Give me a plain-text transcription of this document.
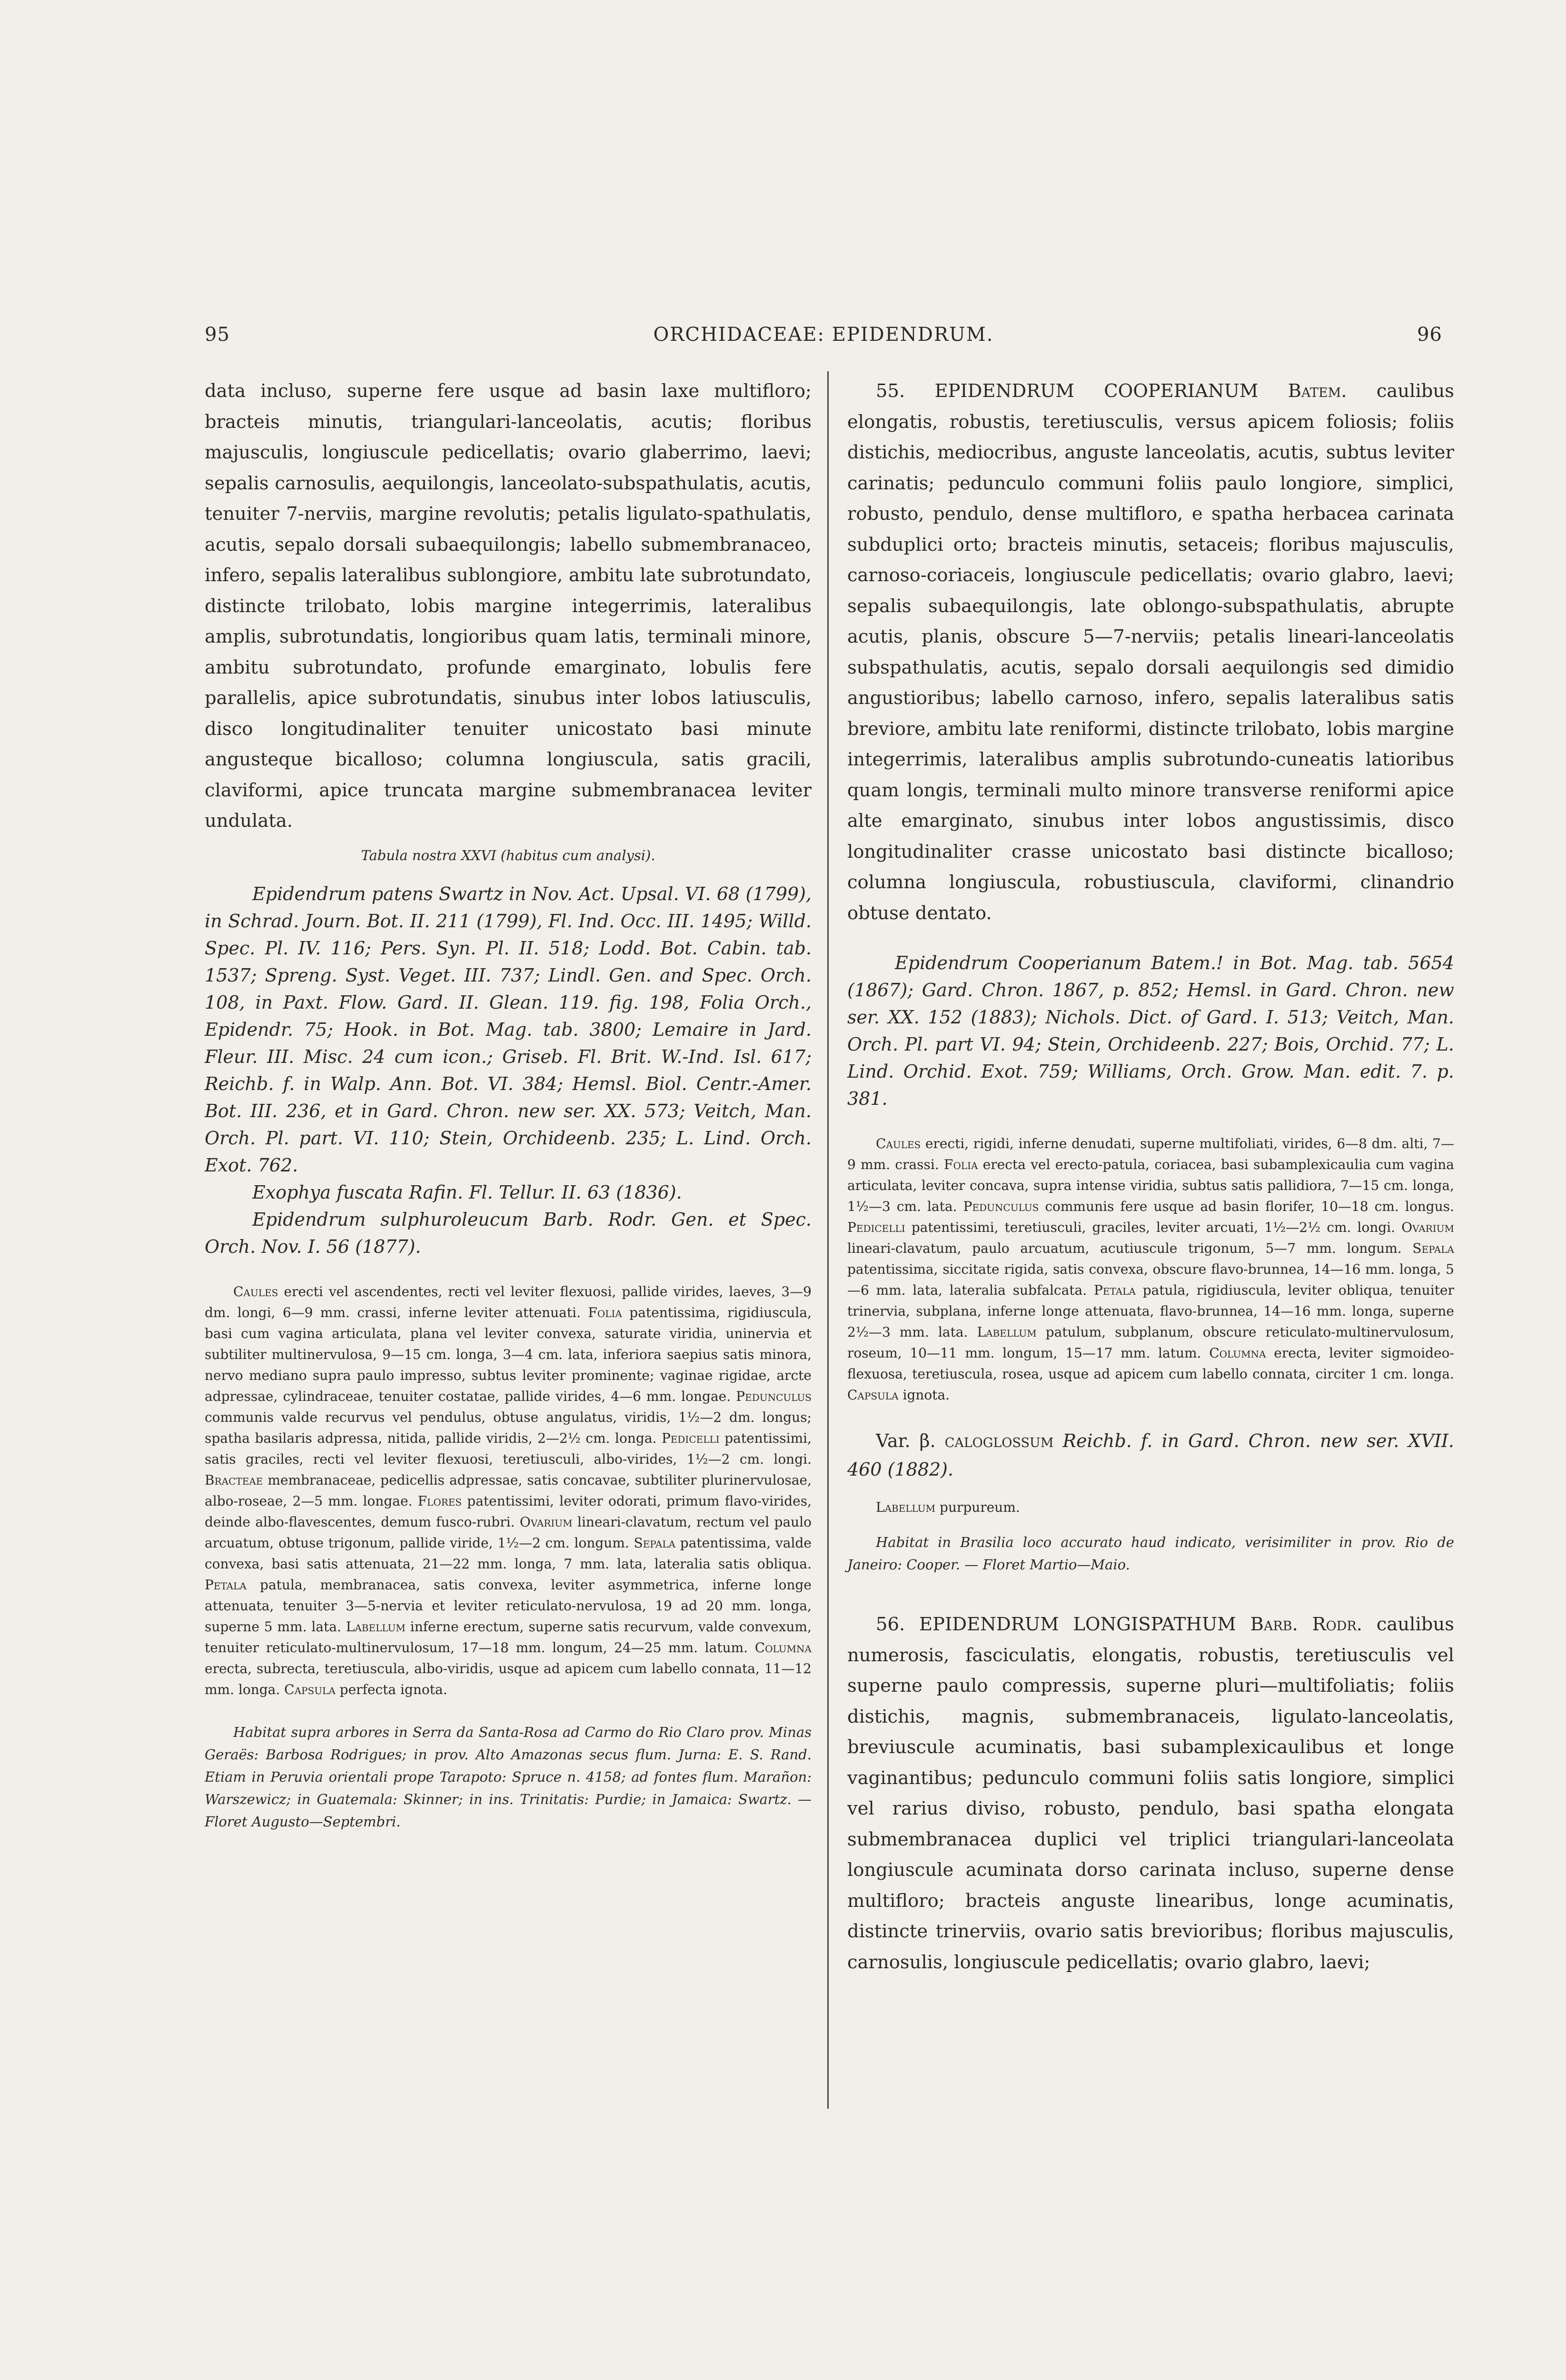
95	ORCHIDACEAE: EPIDENDRUM.	96

data incluso, superne fere usque ad basin laxe multifloro; bracteis minutis, triangulari-lanceolatis, acutis; floribus majusculis, longiuscule pedicellatis; ovario glaberrimo, laevi; sepalis carnosulis, aequilongis, lanceolato-subspathulatis, acutis, tenuiter 7-nerviis, margine revolutis; petalis ligulato-spathulatis, acutis, sepalo dorsali subaequilongis; labello submembranaceo, infero, sepalis lateralibus sublongiore, ambitu late subrotundato, distincte trilobato, lobis margine integerrimis, lateralibus amplis, subrotundatis, longioribus quam latis, terminali minore, ambitu subrotundato, profunde emarginato, lobulis fere parallelis, apice subrotundatis, sinubus inter lobos latiusculis, disco longitudinaliter tenuiter unicostato basi minute angusteque bicalloso; columna longiuscula, satis gracili, claviformi, apice truncata margine submembranacea leviter undulata.

Tabula nostra XXVI (habitus cum analysi).

Epidendrum patens Swartz in Nov. Act. Upsal. VI. 68 (1799), in Schrad. Journ. Bot. II. 211 (1799), Fl. Ind. Occ. III. 1495; Willd. Spec. Pl. IV. 116; Pers. Syn. Pl. II. 518; Lodd. Bot. Cabin. tab. 1537; Spreng. Syst. Veget. III. 737; Lindl. Gen. and Spec. Orch. 108, in Paxt. Flow. Gard. II. Glean. 119. fig. 198, Folia Orch., Epidendr. 75; Hook. in Bot. Mag. tab. 3800; Lemaire in Jard. Fleur. III. Misc. 24 cum icon.; Griseb. Fl. Brit. W.-Ind. Isl. 617; Reichb. f. in Walp. Ann. Bot. VI. 384; Hemsl. Biol. Centr.-Amer. Bot. III. 236, et in Gard. Chron. new ser. XX. 573; Veitch, Man. Orch. Pl. part. VI. 110; Stein, Orchideenb. 235; L. Lind. Orch. Exot. 762.

Exophya fuscata Rafin. Fl. Tellur. II. 63 (1836).

Epidendrum sulphuroleucum Barb. Rodr. Gen. et Spec. Orch. Nov. I. 56 (1877).

Caules erecti vel ascendentes, recti vel leviter flexuosi, pallide virides, laeves, 3—9 dm. longi, 6—9 mm. crassi, inferne leviter attenuati. Folia patentissima, rigidiuscula, basi cum vagina articulata, plana vel leviter convexa, saturate viridia, uninervia et subtiliter multinervulosa, 9—15 cm. longa, 3—4 cm. lata, inferiora saepius satis minora, nervo mediano supra paulo impresso, subtus leviter prominente; vaginae rigidae, arcte adpressae, cylindraceae, tenuiter costatae, pallide virides, 4—6 mm. longae. Pedunculus communis valde recurvus vel pendulus, obtuse angulatus, viridis, 1½—2 dm. longus; spatha basilaris adpressa, nitida, pallide viridis, 2—2½ cm. longa. Pedicelli patentissimi, satis graciles, recti vel leviter flexuosi, teretiusculi, albo-virides, 1½—2 cm. longi. Bracteae membranaceae, pedicellis adpressae, satis concavae, subtiliter plurinervulosae, albo-roseae, 2—5 mm. longae. Flores patentissimi, leviter odorati, primum flavo-virides, deinde albo-flavescentes, demum fusco-rubri. Ovarium lineari-clavatum, rectum vel paulo arcuatum, obtuse trigonum, pallide viride, 1½—2 cm. longum. Sepala patentissima, valde convexa, basi satis attenuata, 21—22 mm. longa, 7 mm. lata, lateralia satis obliqua. Petala patula, membranacea, satis convexa, leviter asymmetrica, inferne longe attenuata, tenuiter 3—5-nervia et leviter reticulato-nervulosa, 19 ad 20 mm. longa, superne 5 mm. lata. Labellum inferne erectum, superne satis recurvum, valde convexum, tenuiter reticulato-multinervulosum, 17—18 mm. longum, 24—25 mm. latum. Columna erecta, subrecta, teretiuscula, albo-viridis, usque ad apicem cum labello connata, 11—12 mm. longa. Capsula perfecta ignota.

Habitat supra arbores in Serra da Santa-Rosa ad Carmo do Rio Claro prov. Minas Geraës: Barbosa Rodrigues; in prov. Alto Amazonas secus flum. Jurna: E. S. Rand. Etiam in Peruvia orientali prope Tarapoto: Spruce n. 4158; ad fontes flum. Marañon: Warszewicz; in Guatemala: Skinner; in ins. Trinitatis: Purdie; in Jamaica: Swartz. — Floret Augusto—Septembri.

55. EPIDENDRUM COOPERIANUM Batem. caulibus elongatis, robustis, teretiusculis, versus apicem foliosis; foliis distichis, mediocribus, anguste lanceolatis, acutis, subtus leviter carinatis; pedunculo communi foliis paulo longiore, simplici, robusto, pendulo, dense multifloro, e spatha herbacea carinata subduplici orto; bracteis minutis, setaceis; floribus majusculis, carnoso-coriaceis, longiuscule pedicellatis; ovario glabro, laevi; sepalis subaequilongis, late oblongo-subspathulatis, abrupte acutis, planis, obscure 5—7-nerviis; petalis lineari-lanceolatis subspathulatis, acutis, sepalo dorsali aequilongis sed dimidio angustioribus; labello carnoso, infero, sepalis lateralibus satis breviore, ambitu late reniformi, distincte trilobato, lobis margine integerrimis, lateralibus amplis subrotundo-cuneatis latioribus quam longis, terminali multo minore transverse reniformi apice alte emarginato, sinubus inter lobos angustissimis, disco longitudinaliter crasse unicostato basi distincte bicalloso; columna longiuscula, robustiuscula, claviformi, clinandrio obtuse dentato.

Epidendrum Cooperianum Batem.! in Bot. Mag. tab. 5654 (1867); Gard. Chron. 1867, p. 852; Hemsl. in Gard. Chron. new ser. XX. 152 (1883); Nichols. Dict. of Gard. I. 513; Veitch, Man. Orch. Pl. part VI. 94; Stein, Orchideenb. 227; Bois, Orchid. 77; L. Lind. Orchid. Exot. 759; Williams, Orch. Grow. Man. edit. 7. p. 381.

Caules erecti, rigidi, inferne denudati, superne multifoliati, virides, 6—8 dm. alti, 7—9 mm. crassi. Folia erecta vel erecto-patula, coriacea, basi subamplexicaulia cum vagina articulata, leviter concava, supra intense viridia, subtus satis pallidiora, 7—15 cm. longa, 1½—3 cm. lata. Pedunculus communis fere usque ad basin florifer, 10—18 cm. longus. Pedicelli patentissimi, teretiusculi, graciles, leviter arcuati, 1½—2½ cm. longi. Ovarium lineari-clavatum, paulo arcuatum, acutiuscule trigonum, 5—7 mm. longum. Sepala patentissima, siccitate rigida, satis convexa, obscure flavo-brunnea, 14—16 mm. longa, 5—6 mm. lata, lateralia subfalcata. Petala patula, rigidiuscula, leviter obliqua, tenuiter trinervia, subplana, inferne longe attenuata, flavo-brunnea, 14—16 mm. longa, superne 2½—3 mm. lata. Labellum patulum, subplanum, obscure reticulato-multinervulosum, roseum, 10—11 mm. longum, 15—17 mm. latum. Columna erecta, leviter sigmoideo-flexuosa, teretiuscula, rosea, usque ad apicem cum labello connata, circiter 1 cm. longa. Capsula ignota.

Var. β. caloglossum Reichb. f. in Gard. Chron. new ser. XVII. 460 (1882).

Labellum purpureum.

Habitat in Brasilia loco accurato haud indicato, verisimiliter in prov. Rio de Janeiro: Cooper. — Floret Martio—Maio.

56. EPIDENDRUM LONGISPATHUM Barb. Rodr. caulibus numerosis, fasciculatis, elongatis, robustis, teretiusculis vel superne paulo compressis, superne pluri—multifoliatis; foliis distichis, magnis, submembranaceis, ligulato-lanceolatis, breviuscule acuminatis, basi subamplexicaulibus et longe vaginantibus; pedunculo communi foliis satis longiore, simplici vel rarius diviso, robusto, pendulo, basi spatha elongata submembranacea duplici vel triplici triangulari-lanceolata longiuscule acuminata dorso carinata incluso, superne dense multifloro; bracteis anguste linearibus, longe acuminatis, distincte trinerviis, ovario satis brevioribus; floribus majusculis, carnosulis, longiuscule pedicellatis; ovario glabro, laevi;
